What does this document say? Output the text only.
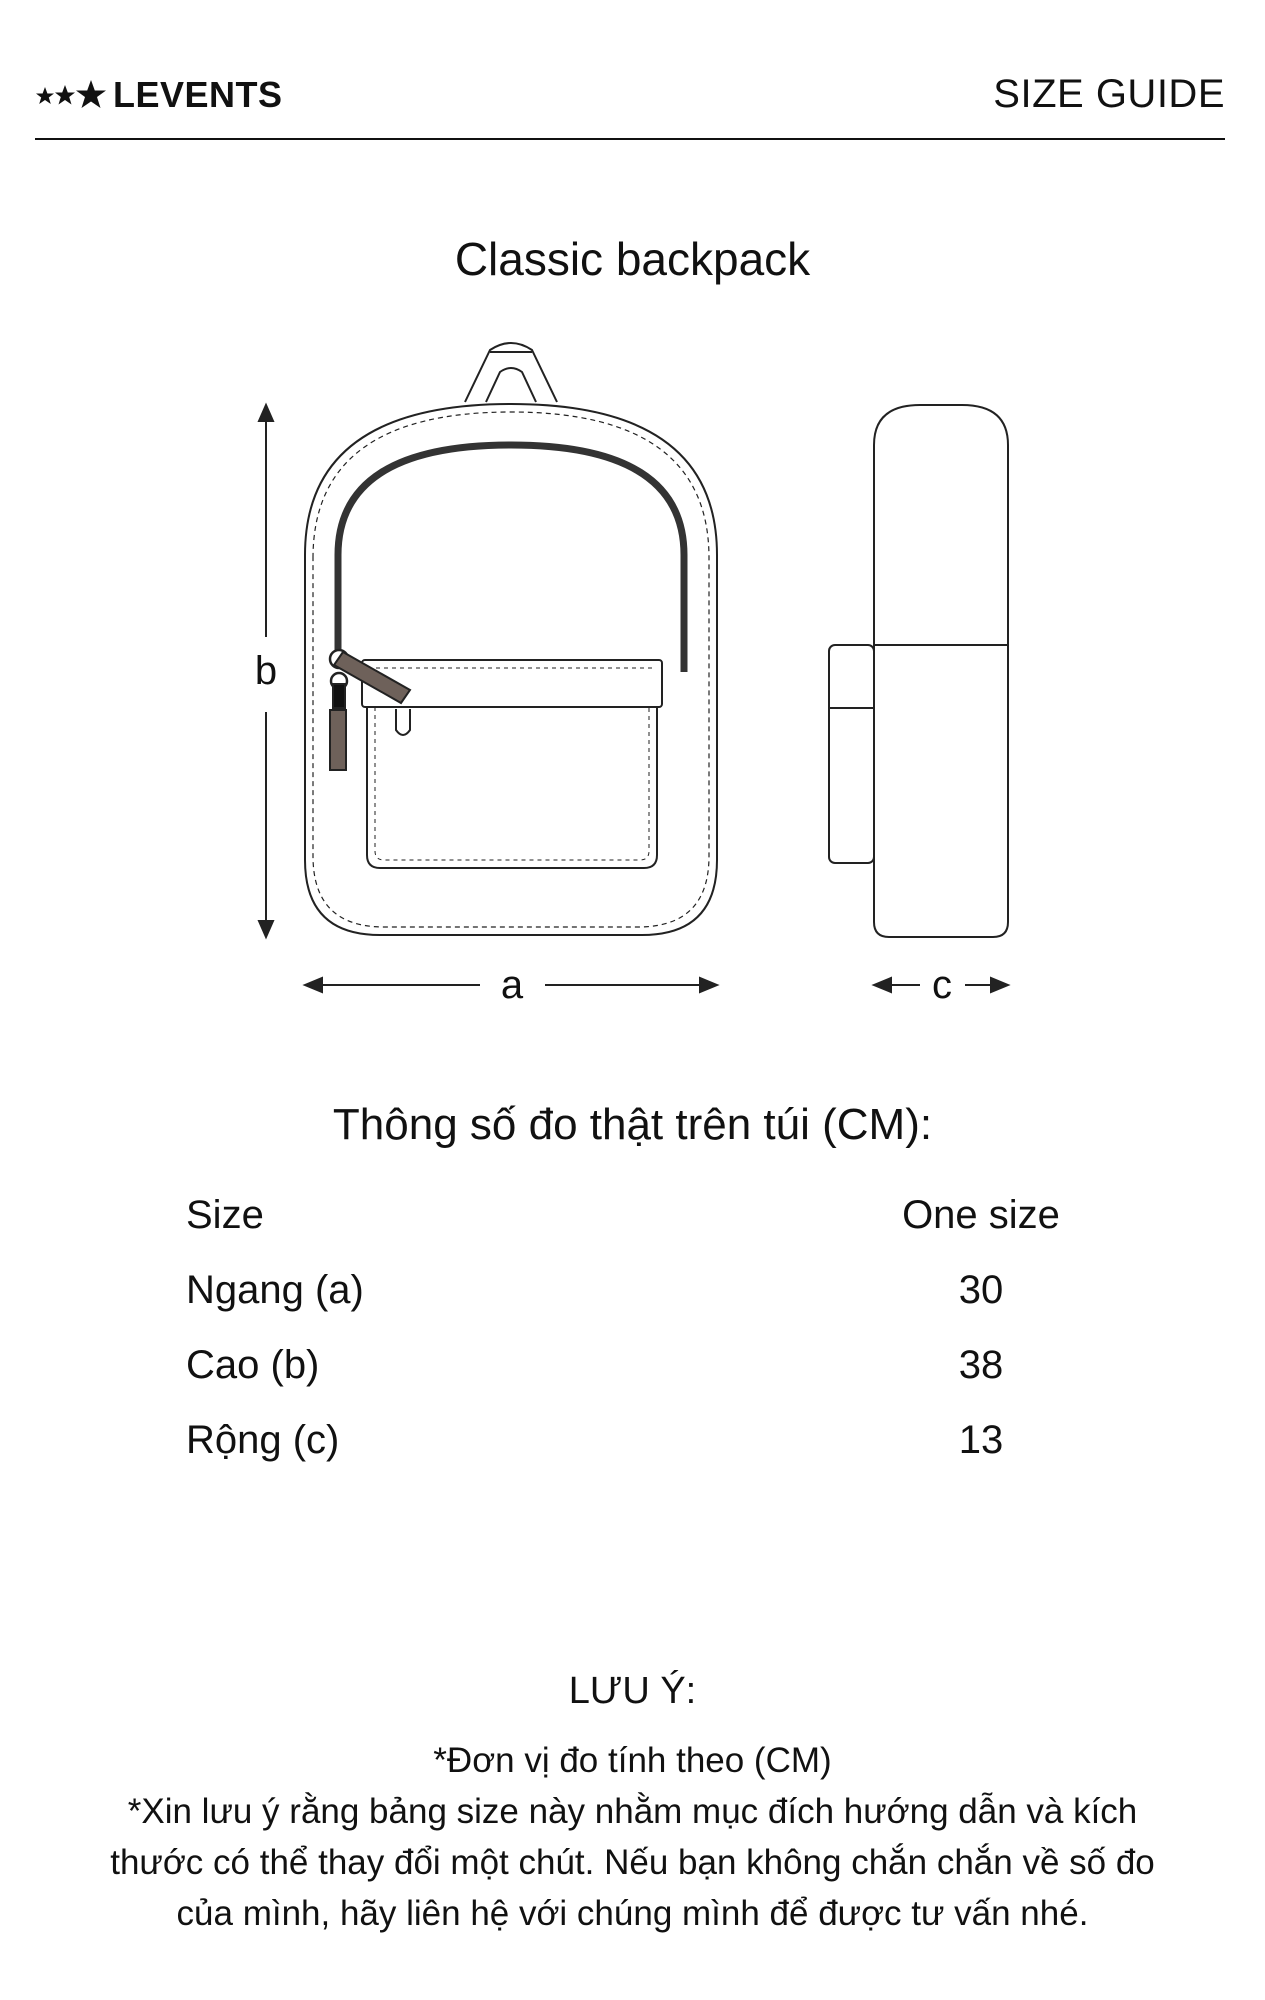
LEVENTS	SIZE GUIDE
Classic backpack
b
a	c
Thông số đo thật trên túi (CM):
Size	One size
Ngang (a)	30
Cao (b)	38
Rộng (c)	13
LƯU Ý:
*Đơn vị đo tính theo (CM)
*Xin lưu ý rằng bảng size này nhằm mục đích hướng dẫn và kích
thước có thể thay đổi một chút. Nếu bạn không chắn chắn về số đo
của mình, hãy liên hệ với chúng mình để được tư vấn nhé.
